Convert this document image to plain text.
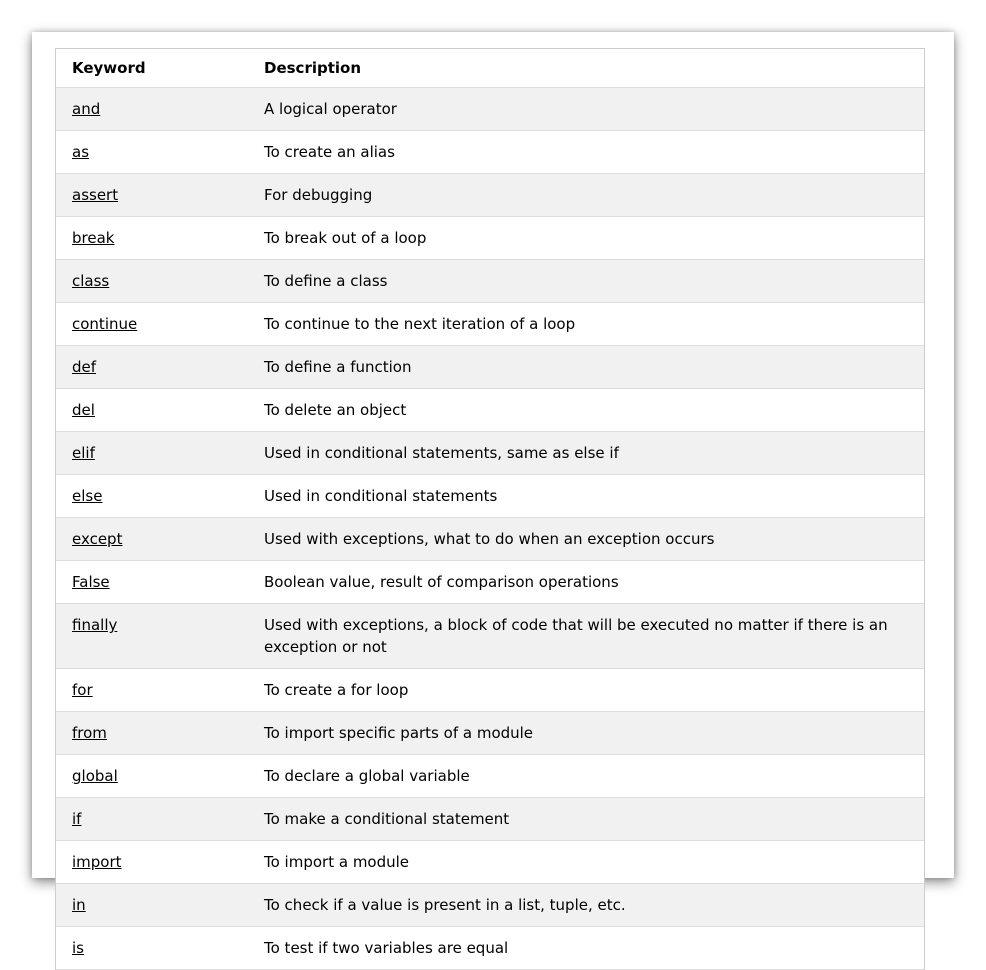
Keyword	Description
and	A logical operator
as	To create an alias
assert	For debugging
break	To break out of a loop
class	To define a class
continue	To continue to the next iteration of a loop
def	To define a function
del	To delete an object
elif	Used in conditional statements, same as else if
else	Used in conditional statements
except	Used with exceptions, what to do when an exception occurs
False	Boolean value, result of comparison operations
finally	Used with exceptions, a block of code that will be executed no matter if there is an exception or not
for	To create a for loop
from	To import specific parts of a module
global	To declare a global variable
if	To make a conditional statement
import	To import a module
in	To check if a value is present in a list, tuple, etc.
is	To test if two variables are equal
